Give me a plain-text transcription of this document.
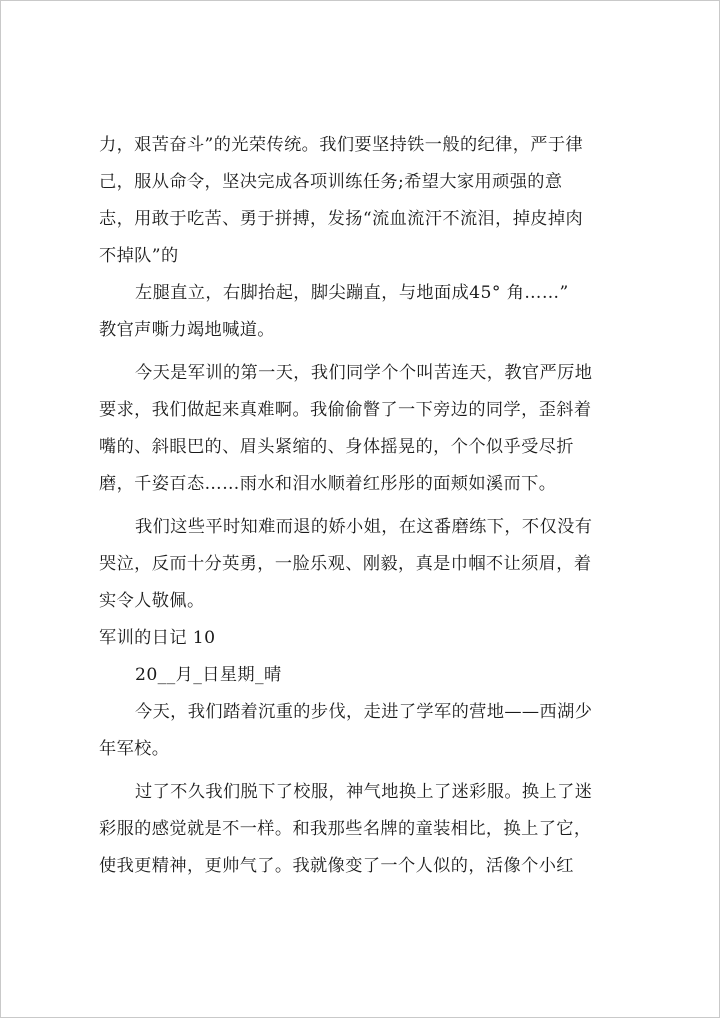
力，艰苦奋斗”的光荣传统。我们要坚持铁一般的纪律，严于律
己，服从命令，坚决完成各项训练任务;希望大家用顽强的意
志，用敢于吃苦、勇于拼搏，发扬“流血流汗不流泪，掉皮掉肉
不掉队”的
左腿直立，右脚抬起，脚尖蹦直，与地面成45° 角……”
教官声嘶力竭地喊道。
今天是军训的第一天，我们同学个个叫苦连天，教官严厉地
要求，我们做起来真难啊。我偷偷瞥了一下旁边的同学，歪斜着
嘴的、斜眼巴的、眉头紧缩的、身体摇晃的，个个似乎受尽折
磨，千姿百态……雨水和泪水顺着红彤彤的面颊如溪而下。
我们这些平时知难而退的娇小姐，在这番磨练下，不仅没有
哭泣，反而十分英勇，一脸乐观、刚毅，真是巾帼不让须眉，着
实令人敬佩。
军训的日记 10
20__月_日星期_晴
今天，我们踏着沉重的步伐，走进了学军的营地——西湖少
年军校。
过了不久我们脱下了校服，神气地换上了迷彩服。换上了迷
彩服的感觉就是不一样。和我那些名牌的童装相比，换上了它，
使我更精神，更帅气了。我就像变了一个人似的，活像个小红
